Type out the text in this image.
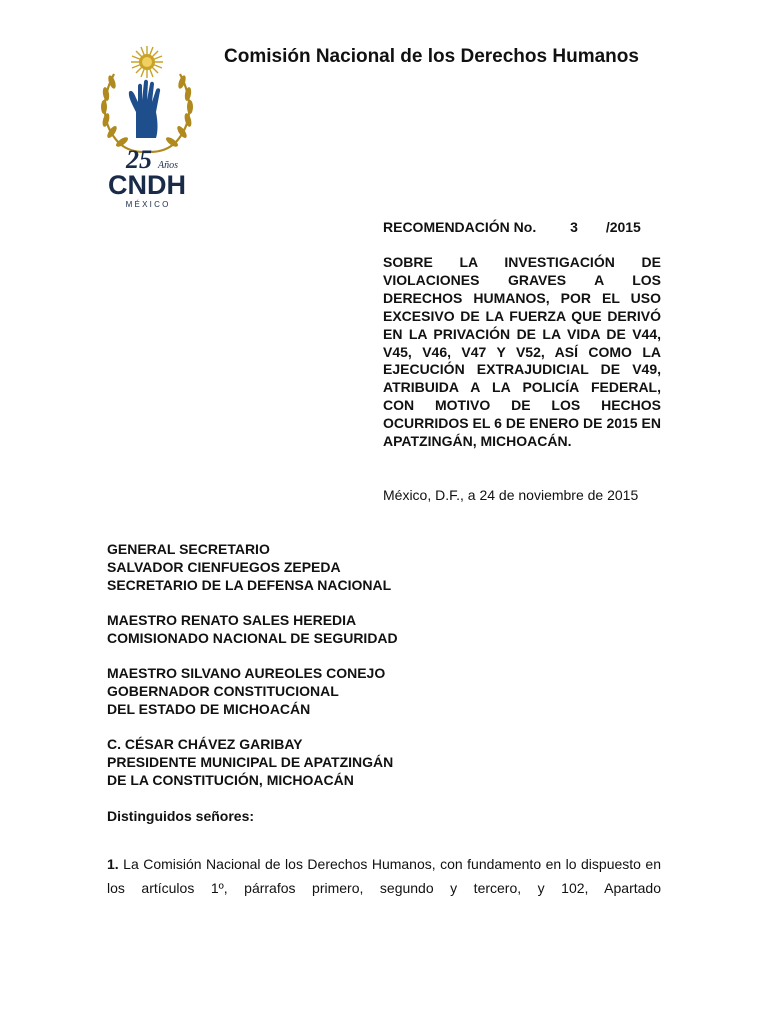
25 Años
CNDH
M É X I C O
Comisión Nacional de los Derechos Humanos
RECOMENDACIÓN No. 3 /2015
SOBRE LA INVESTIGACIÓN DE VIOLACIONES GRAVES A LOS DERECHOS HUMANOS, POR EL USO EXCESIVO DE LA FUERZA QUE DERIVÓ EN LA PRIVACIÓN DE LA VIDA DE V44, V45, V46, V47 Y V52, ASÍ COMO LA EJECUCIÓN EXTRAJUDICIAL DE V49, ATRIBUIDA A LA POLICÍA FEDERAL, CON MOTIVO DE LOS HECHOS OCURRIDOS EL 6 DE ENERO DE 2015 EN APATZINGÁN, MICHOACÁN.
México, D.F., a 24 de noviembre de 2015
GENERAL SECRETARIO
SALVADOR CIENFUEGOS ZEPEDA
SECRETARIO DE LA DEFENSA NACIONAL
MAESTRO RENATO SALES HEREDIA
COMISIONADO NACIONAL DE SEGURIDAD
MAESTRO SILVANO AUREOLES CONEJO
GOBERNADOR CONSTITUCIONAL
DEL ESTADO DE MICHOACÁN
C. CÉSAR CHÁVEZ GARIBAY
PRESIDENTE MUNICIPAL DE APATZINGÁN
DE LA CONSTITUCIÓN, MICHOACÁN
Distinguidos señores:
1. La Comisión Nacional de los Derechos Humanos, con fundamento en lo dispuesto en los artículos 1º, párrafos primero, segundo y tercero, y 102, Apartado
